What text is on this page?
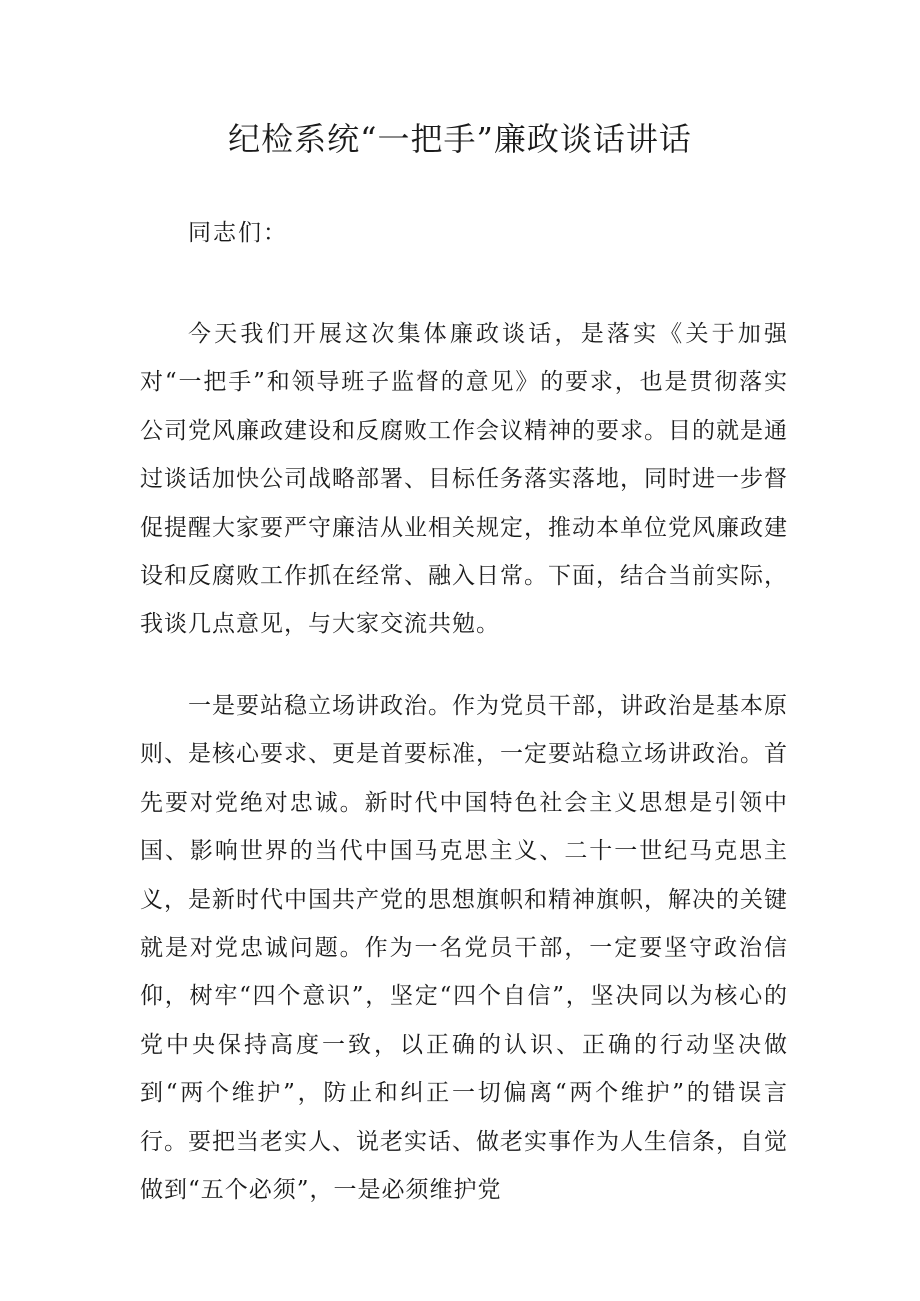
纪检系统“一把手”廉政谈话讲话

同志们：

今天我们开展这次集体廉政谈话，是落实《关于加强对“一把手”和领导班子监督的意见》的要求，也是贯彻落实公司党风廉政建设和反腐败工作会议精神的要求。目的就是通过谈话加快公司战略部署、目标任务落实落地，同时进一步督促提醒大家要严守廉洁从业相关规定，推动本单位党风廉政建设和反腐败工作抓在经常、融入日常。下面，结合当前实际，我谈几点意见，与大家交流共勉。

一是要站稳立场讲政治。作为党员干部，讲政治是基本原则、是核心要求、更是首要标准，一定要站稳立场讲政治。首先要对党绝对忠诚。新时代中国特色社会主义思想是引领中国、影响世界的当代中国马克思主义、二十一世纪马克思主义，是新时代中国共产党的思想旗帜和精神旗帜，解决的关键就是对党忠诚问题。作为一名党员干部，一定要坚守政治信仰，树牢“四个意识”，坚定“四个自信”，坚决同以为核心的党中央保持高度一致，以正确的认识、正确的行动坚决做到“两个维护”，防止和纠正一切偏离“两个维护”的错误言行。要把当老实人、说老实话、做老实事作为人生信条，自觉做到“五个必须”，一是必须维护党
